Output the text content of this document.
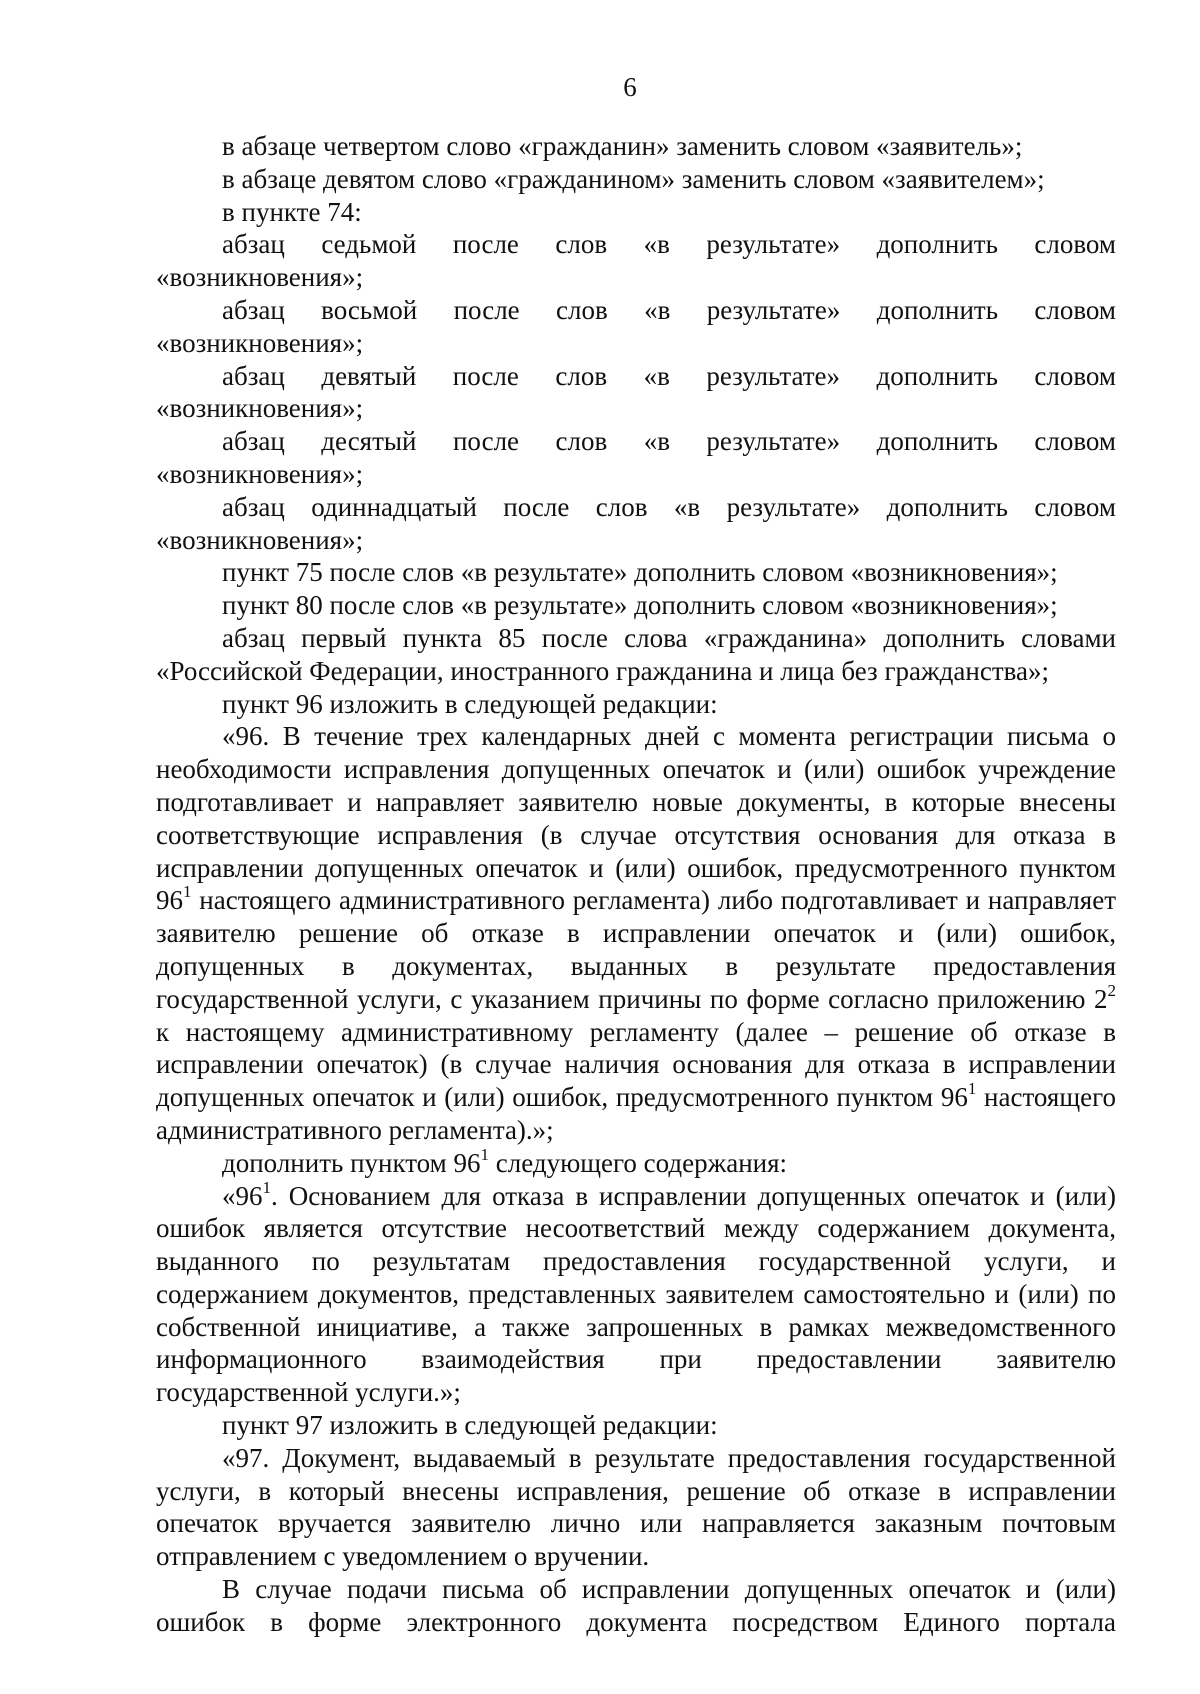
6

в абзаце четвертом слово «гражданин» заменить словом «заявитель»;

в абзаце девятом слово «гражданином» заменить словом «заявителем»;

в пункте 74:

абзац седьмой после слов «в результате» дополнить словом «возникновения»;

абзац восьмой после слов «в результате» дополнить словом «возникновения»;

абзац девятый после слов «в результате» дополнить словом «возникновения»;

абзац десятый после слов «в результате» дополнить словом «возникновения»;

абзац одиннадцатый после слов «в результате» дополнить словом «возникновения»;

пункт 75 после слов «в результате» дополнить словом «возникновения»;

пункт 80 после слов «в результате» дополнить словом «возникновения»;

абзац первый пункта 85 после слова «гражданина» дополнить словами «Российской Федерации, иностранного гражданина и лица без гражданства»;

пункт 96 изложить в следующей редакции:

«96. В течение трех календарных дней с момента регистрации письма о необходимости исправления допущенных опечаток и (или) ошибок учреждение подготавливает и направляет заявителю новые документы, в которые внесены соответствующие исправления (в случае отсутствия основания для отказа в исправлении допущенных опечаток и (или) ошибок, предусмотренного пунктом $96^1$ настоящего административного регламента) либо подготавливает и направляет заявителю решение об отказе в исправлении опечаток и (или) ошибок, допущенных в документах, выданных в результате предоставления государственной услуги, с указанием причины по форме согласно приложению $2^2$ к настоящему административному регламенту (далее – решение об отказе в исправлении опечаток) (в случае наличия основания для отказа в исправлении допущенных опечаток и (или) ошибок, предусмотренного пунктом $96^1$ настоящего административного регламента).»;

дополнить пунктом $96^1$ следующего содержания:

«$96^1$. Основанием для отказа в исправлении допущенных опечаток и (или) ошибок является отсутствие несоответствий между содержанием документа, выданного по результатам предоставления государственной услуги, и содержанием документов, представленных заявителем самостоятельно и (или) по собственной инициативе, а также запрошенных в рамках межведомственного информационного взаимодействия при предоставлении заявителю государственной услуги.»;

пункт 97 изложить в следующей редакции:

«97. Документ, выдаваемый в результате предоставления государственной услуги, в который внесены исправления, решение об отказе в исправлении опечаток вручается заявителю лично или направляется заказным почтовым отправлением с уведомлением о вручении.

В случае подачи письма об исправлении допущенных опечаток и (или) ошибок в форме электронного документа посредством Единого портала
